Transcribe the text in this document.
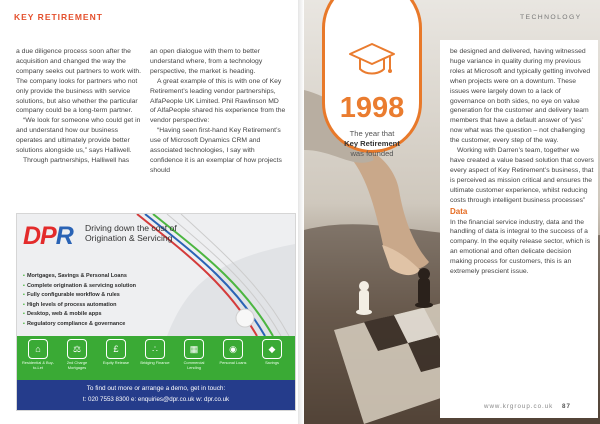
KEY RETIREMENT

a due diligence process soon after the acquisition and changed the way the company seeks out partners to work with. The company looks for partners who not only provide the business with service solutions, but also whether the particular company could be a long-term partner.

“We look for someone who could get in and understand how our business operates and ultimately provide better solutions alongside us,” says Halliwell.

Through partnerships, Halliwell has

an open dialogue with them to better understand where, from a technology perspective, the market is heading.

A great example of this is with one of Key Retirement’s leading vendor partnerships, AlfaPeople UK Limited. Phil Rawlinson MD of AlfaPeople shared his experience from the vendor perspective:

“Having seen first-hand Key Retirement’s use of Microsoft Dynamics CRM and associated technologies, I say with confidence it is an exemplar of how projects should

DPR Driving down the cost of Origination & Servicing
▪ Mortgages, Savings & Personal Loans
▪ Complete origination & servicing solution
▪ Fully configurable workflow & rules
▪ High levels of process automation
▪ Desktop, web & mobile apps
▪ Regulatory compliance & governance
⌂
Residential & Buy-to-Let
⚖
2nd Charge Mortgages
£
Equity Release
∴
Bridging Finance
▦
Commercial Lending
◉
Personal Loans
◆
Savings
To find out more or arrange a demo, get in touch:
t: 020 7553 8300 e: enquiries@dpr.co.uk w: dpr.co.uk
TECHNOLOGY
1998
The year that
Key Retirement
was founded

be designed and delivered, having witnessed huge variance in quality during my previous roles at Microsoft and typically getting involved when projects were on a downturn. These issues were largely down to a lack of governance on both sides, no eye on value generation for the customer and delivery team members that have a default answer of ‘yes’ now what was the question – not challenging the customer, every step of the way.

Working with Darren’s team, together we have created a value based solution that covers every aspect of Key Retirement’s business, that is perceived as mission critical and ensures the ultimate customer experience, whilst reducing costs through intelligent business processes”

Data

In the financial service industry, data and the handling of data is integral to the success of a company. In the equity release sector, which is an emotional and often delicate decision making process for customers, this is an extremely prescient issue.

www.krgroup.co.uk 87
